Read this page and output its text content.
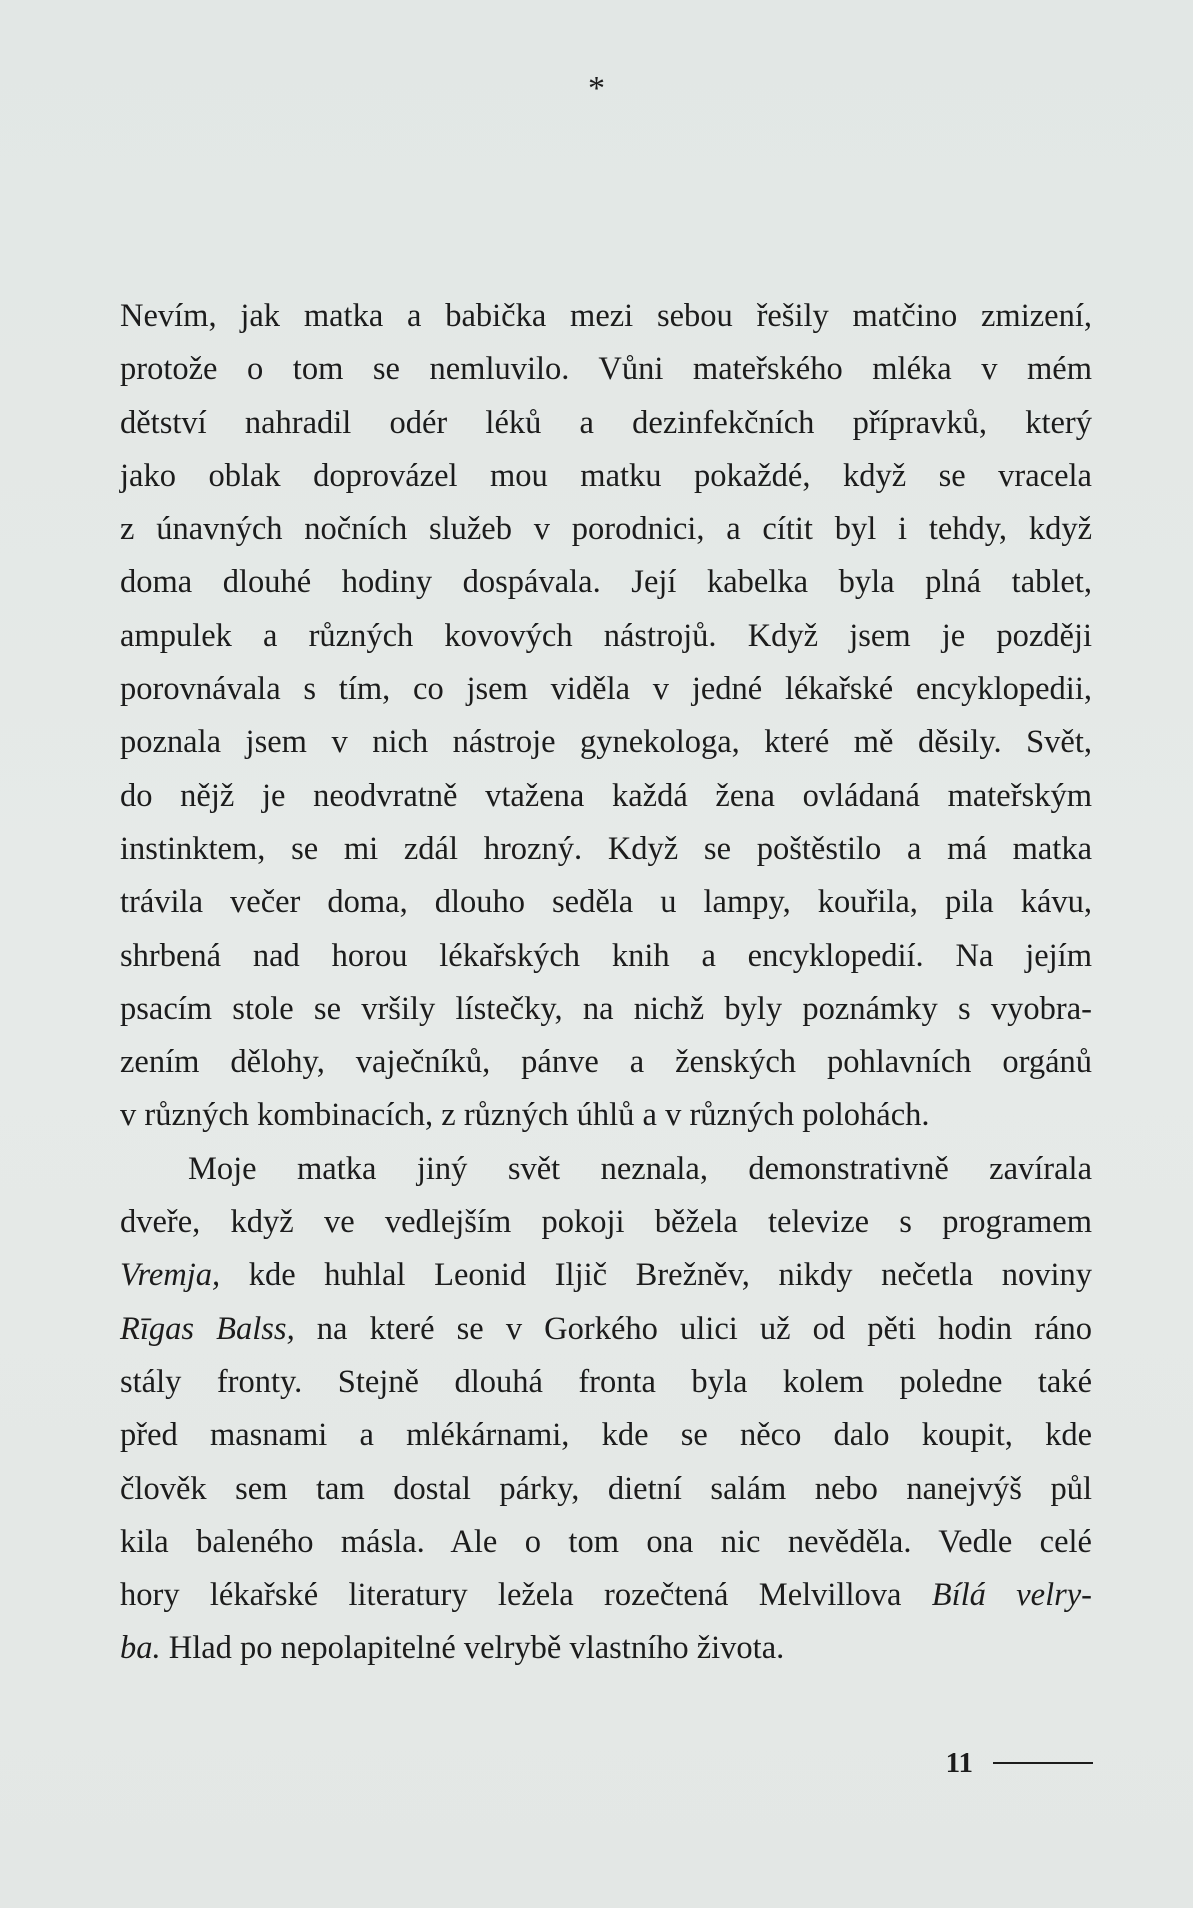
*
Nevím, jak matka a babička mezi sebou řešily matčino zmizení,
protože o tom se nemluvilo. Vůni mateřského mléka v mém
dětství nahradil odér léků a dezinfekčních přípravků, který
jako oblak doprovázel mou matku pokaždé, když se vracela
z únavných nočních služeb v porodnici, a cítit byl i tehdy, když
doma dlouhé hodiny dospávala. Její kabelka byla plná tablet,
ampulek a různých kovových nástrojů. Když jsem je později
porovnávala s tím, co jsem viděla v jedné lékařské encyklopedii,
poznala jsem v nich nástroje gynekologa, které mě děsily. Svět,
do nějž je neodvratně vtažena každá žena ovládaná mateřským
instinktem, se mi zdál hrozný. Když se poštěstilo a má matka
trávila večer doma, dlouho seděla u lampy, kouřila, pila kávu,
shrbená nad horou lékařských knih a encyklopedií. Na jejím
psacím stole se vršily lístečky, na nichž byly poznámky s vyobra-
zením dělohy, vaječníků, pánve a ženských pohlavních orgánů
v různých kombinacích, z různých úhlů a v různých polohách.
Moje matka jiný svět neznala, demonstrativně zavírala
dveře, když ve vedlejším pokoji běžela televize s programem
Vremja, kde huhlal Leonid Iljič Brežněv, nikdy nečetla noviny
Rīgas Balss, na které se v Gorkého ulici už od pěti hodin ráno
stály fronty. Stejně dlouhá fronta byla kolem poledne také
před masnami a mlékárnami, kde se něco dalo koupit, kde
člověk sem tam dostal párky, dietní salám nebo nanejvýš půl
kila baleného másla. Ale o tom ona nic nevěděla. Vedle celé
hory lékařské literatury ležela rozečtená Melvillova Bílá velry-
ba. Hlad po nepolapitelné velrybě vlastního života.
11
